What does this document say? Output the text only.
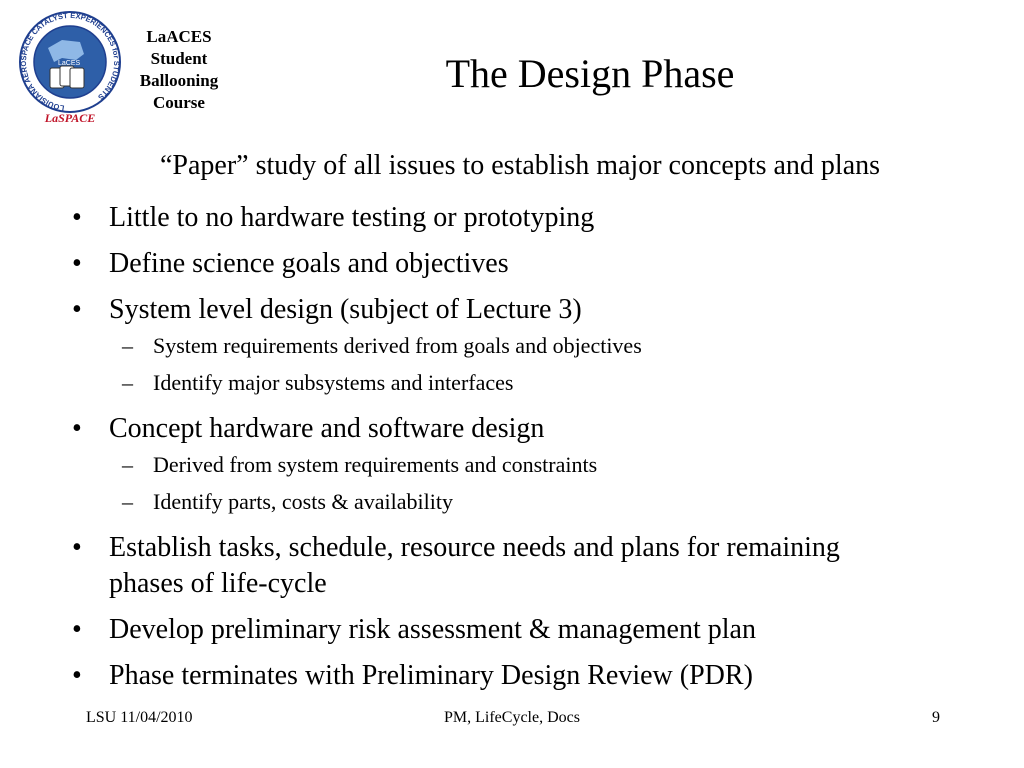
LOUISIANA AEROSPACE CATALYST EXPERIENCES for STUDENTS
LaCES
LaSPACE
LaACES
Student
Ballooning
Course
The Design Phase
“Paper” study of all issues to establish major concepts and plans
• Little to no hardware testing or prototyping
• Define science goals and objectives
• System level design (subject of Lecture 3)
– System requirements derived from goals and objectives
– Identify major subsystems and interfaces
• Concept hardware and software design
– Derived from system requirements and constraints
– Identify parts, costs & availability
• Establish tasks, schedule, resource needs and plans for remaining phases of life-cycle
• Develop preliminary risk assessment & management plan
• Phase terminates with Preliminary Design Review (PDR)
LSU 11/04/2010	PM, LifeCycle, Docs	9
